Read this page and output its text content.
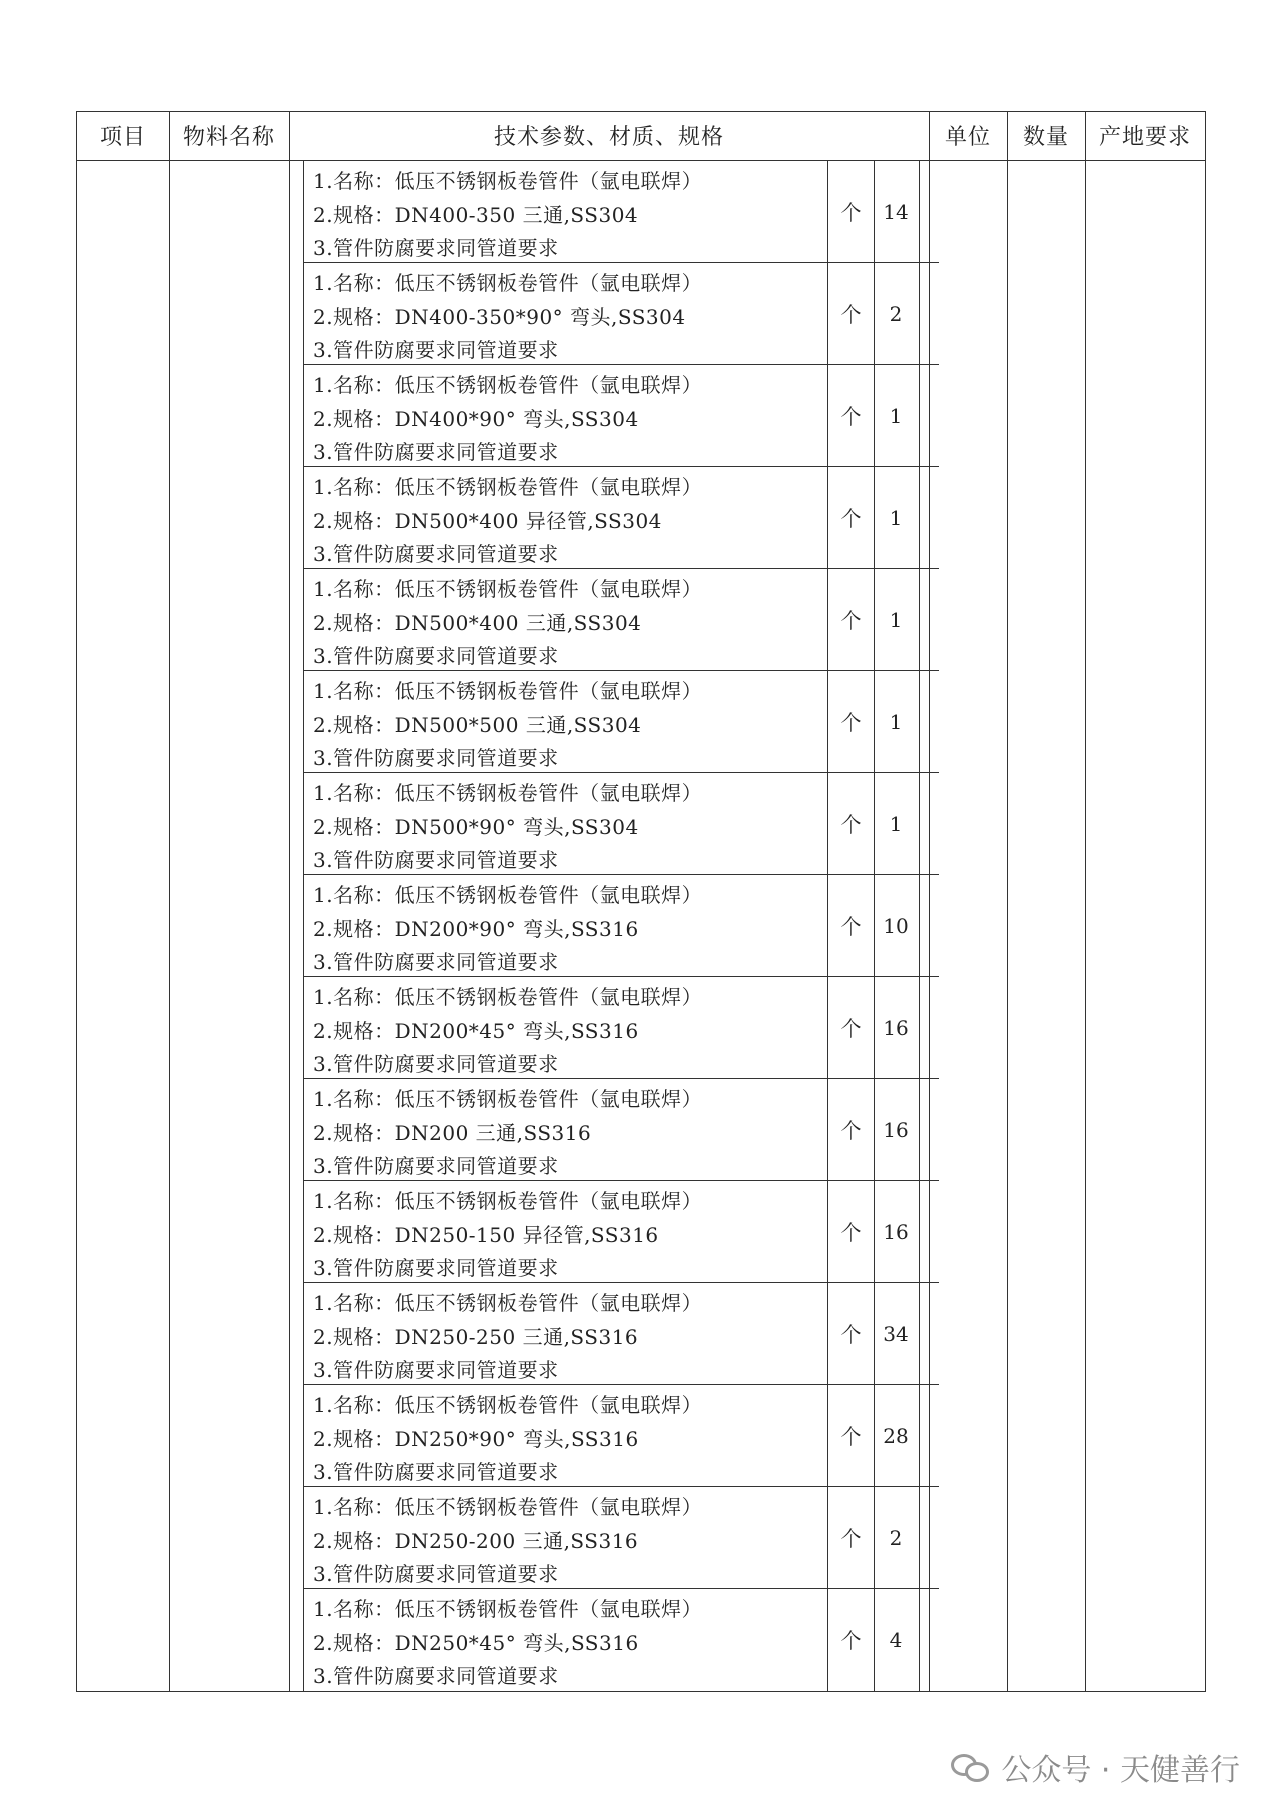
项目	物料名称	技术参数、材质、规格	单位	数量	产地要求
1.名称：低压不锈钢板卷管件（氩电联焊）
2.规格：DN400-350 三通,SS304
3.管件防腐要求同管道要求
个	14
1.名称：低压不锈钢板卷管件（氩电联焊）
2.规格：DN400-350*90° 弯头,SS304
3.管件防腐要求同管道要求
个	2
1.名称：低压不锈钢板卷管件（氩电联焊）
2.规格：DN400*90° 弯头,SS304
3.管件防腐要求同管道要求
个	1
1.名称：低压不锈钢板卷管件（氩电联焊）
2.规格：DN500*400 异径管,SS304
3.管件防腐要求同管道要求
个	1
1.名称：低压不锈钢板卷管件（氩电联焊）
2.规格：DN500*400 三通,SS304
3.管件防腐要求同管道要求
个	1
1.名称：低压不锈钢板卷管件（氩电联焊）
2.规格：DN500*500 三通,SS304
3.管件防腐要求同管道要求
个	1
1.名称：低压不锈钢板卷管件（氩电联焊）
2.规格：DN500*90° 弯头,SS304
3.管件防腐要求同管道要求
个	1
1.名称：低压不锈钢板卷管件（氩电联焊）
2.规格：DN200*90° 弯头,SS316
3.管件防腐要求同管道要求
个	10
1.名称：低压不锈钢板卷管件（氩电联焊）
2.规格：DN200*45° 弯头,SS316
3.管件防腐要求同管道要求
个	16
1.名称：低压不锈钢板卷管件（氩电联焊）
2.规格：DN200 三通,SS316
3.管件防腐要求同管道要求
个	16
1.名称：低压不锈钢板卷管件（氩电联焊）
2.规格：DN250-150 异径管,SS316
3.管件防腐要求同管道要求
个	16
1.名称：低压不锈钢板卷管件（氩电联焊）
2.规格：DN250-250 三通,SS316
3.管件防腐要求同管道要求
个	34
1.名称：低压不锈钢板卷管件（氩电联焊）
2.规格：DN250*90° 弯头,SS316
3.管件防腐要求同管道要求
个	28
1.名称：低压不锈钢板卷管件（氩电联焊）
2.规格：DN250-200 三通,SS316
3.管件防腐要求同管道要求
个	2
1.名称：低压不锈钢板卷管件（氩电联焊）
2.规格：DN250*45° 弯头,SS316
3.管件防腐要求同管道要求
个	4
公众号 · 天健善行
